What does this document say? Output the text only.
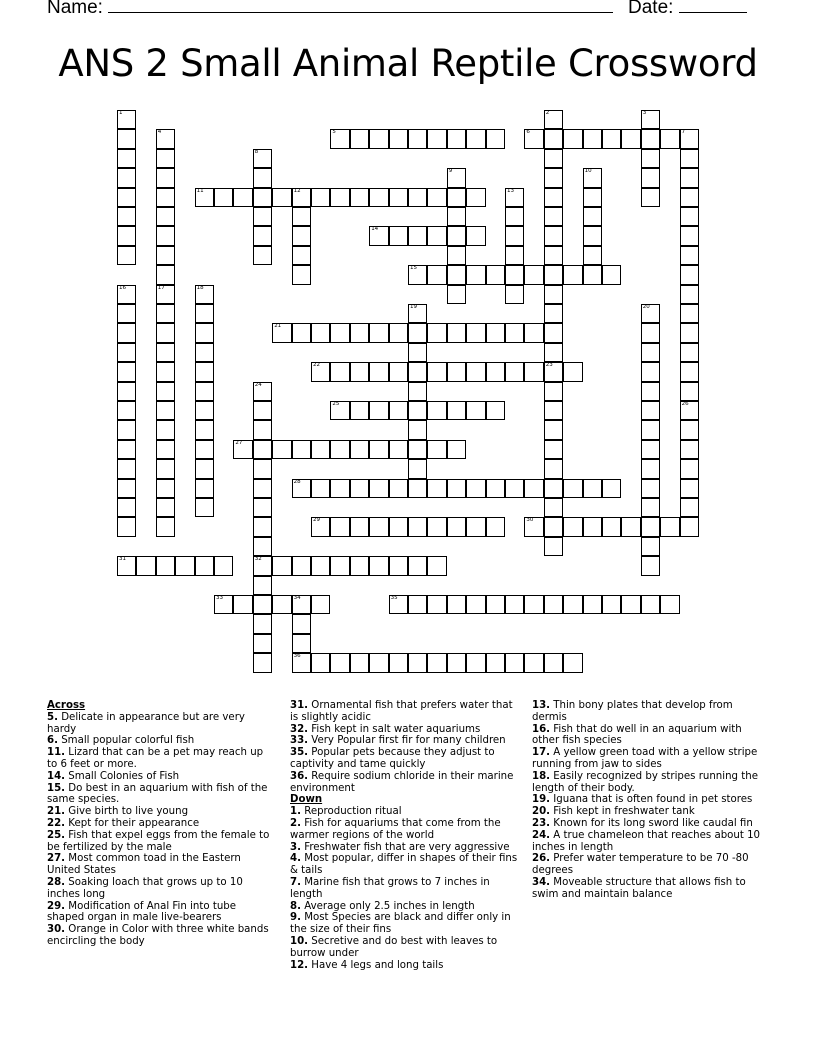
Name:	Date:
ANS 2 Small Animal Reptile Crossword
1	2
23
3
4	5	6	7
8
9	10
11	12	13
14
15
16	17	18
19	20
21
22
24
32
25	26
27
28
29	30
31
33	34
36
35
Across
5. Delicate in appearance but are very hardy
6. Small popular colorful fish
11. Lizard that can be a pet may reach up to 6 feet or more.
14. Small Colonies of Fish
15. Do best in an aquarium with fish of the same species.
21. Give birth to live young
22. Kept for their appearance
25. Fish that expel eggs from the female to be fertilized by the male
27. Most common toad in the Eastern United States
28. Soaking loach that grows up to 10 inches long
29. Modification of Anal Fin into tube shaped organ in male live-bearers
30. Orange in Color with three white bands encircling the body
31. Ornamental fish that prefers water that is slightly acidic
32. Fish kept in salt water aquariums
33. Very Popular first fir for many children
35. Popular pets because they adjust to captivity and tame quickly
36. Require sodium chloride in their marine environment
Down
1. Reproduction ritual
2. Fish for aquariums that come from the warmer regions of the world
3. Freshwater fish that are very aggressive
4. Most popular, differ in shapes of their fins & tails
7. Marine fish that grows to 7 inches in length
8. Average only 2.5 inches in length
9. Most Species are black and differ only in the size of their fins
10. Secretive and do best with leaves to burrow under
12. Have 4 legs and long tails
13. Thin bony plates that develop from dermis
16. Fish that do well in an aquarium with other fish species
17. A yellow green toad with a yellow stripe running from jaw to sides
18. Easily recognized by stripes running the length of their body.
19. Iguana that is often found in pet stores
20. Fish kept in freshwater tank
23. Known for its long sword like caudal fin
24. A true chameleon that reaches about 10 inches in length
26. Prefer water temperature to be 70 -80 degrees
34. Moveable structure that allows fish to swim and maintain balance
